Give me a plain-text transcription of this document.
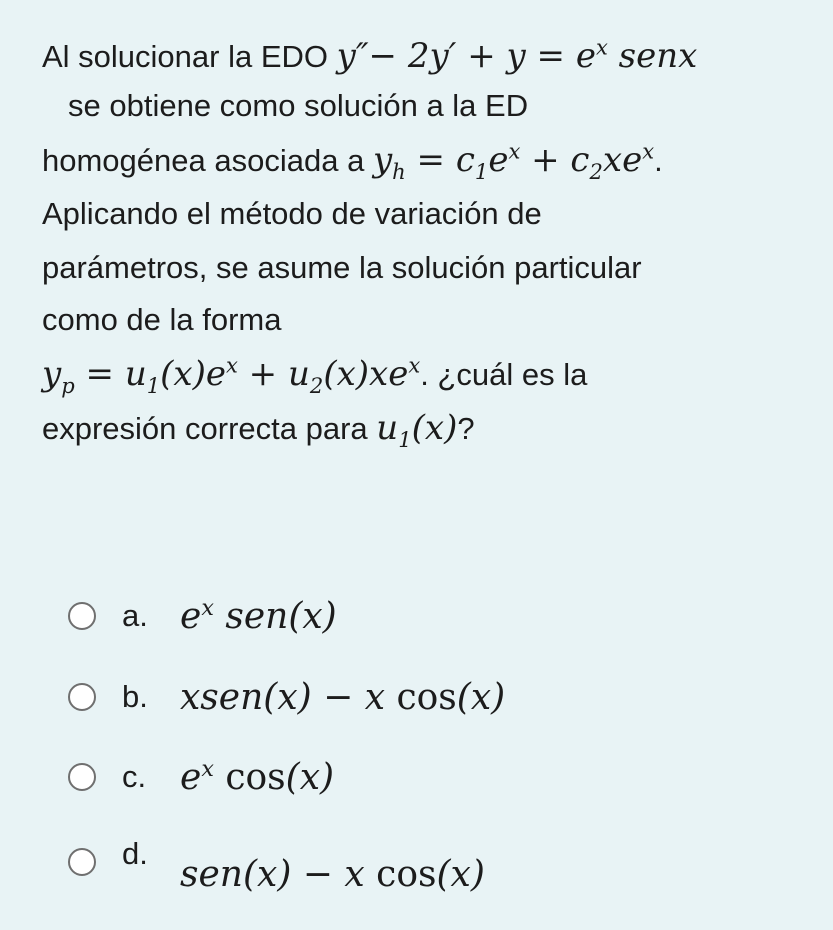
Al solucionar la EDO $y''- 2y' + y = e^x$ senx
se obtiene como solución a la ED
homogénea asociada a $y_h = c_1e^x + c_2xe^x$.
Aplicando el método de variación de
parámetros, se asume la solución particular
como de la forma
$y_p = u_1(x)e^x + u_2(x)xe^x$. ¿cuál es la
expresión correcta para $u_1(x)$?
a. $e^x$ sen(x)
b. xsen(x) − x cos(x)
c. $e^x$ cos(x)
d.
sen(x) − x cos(x)
